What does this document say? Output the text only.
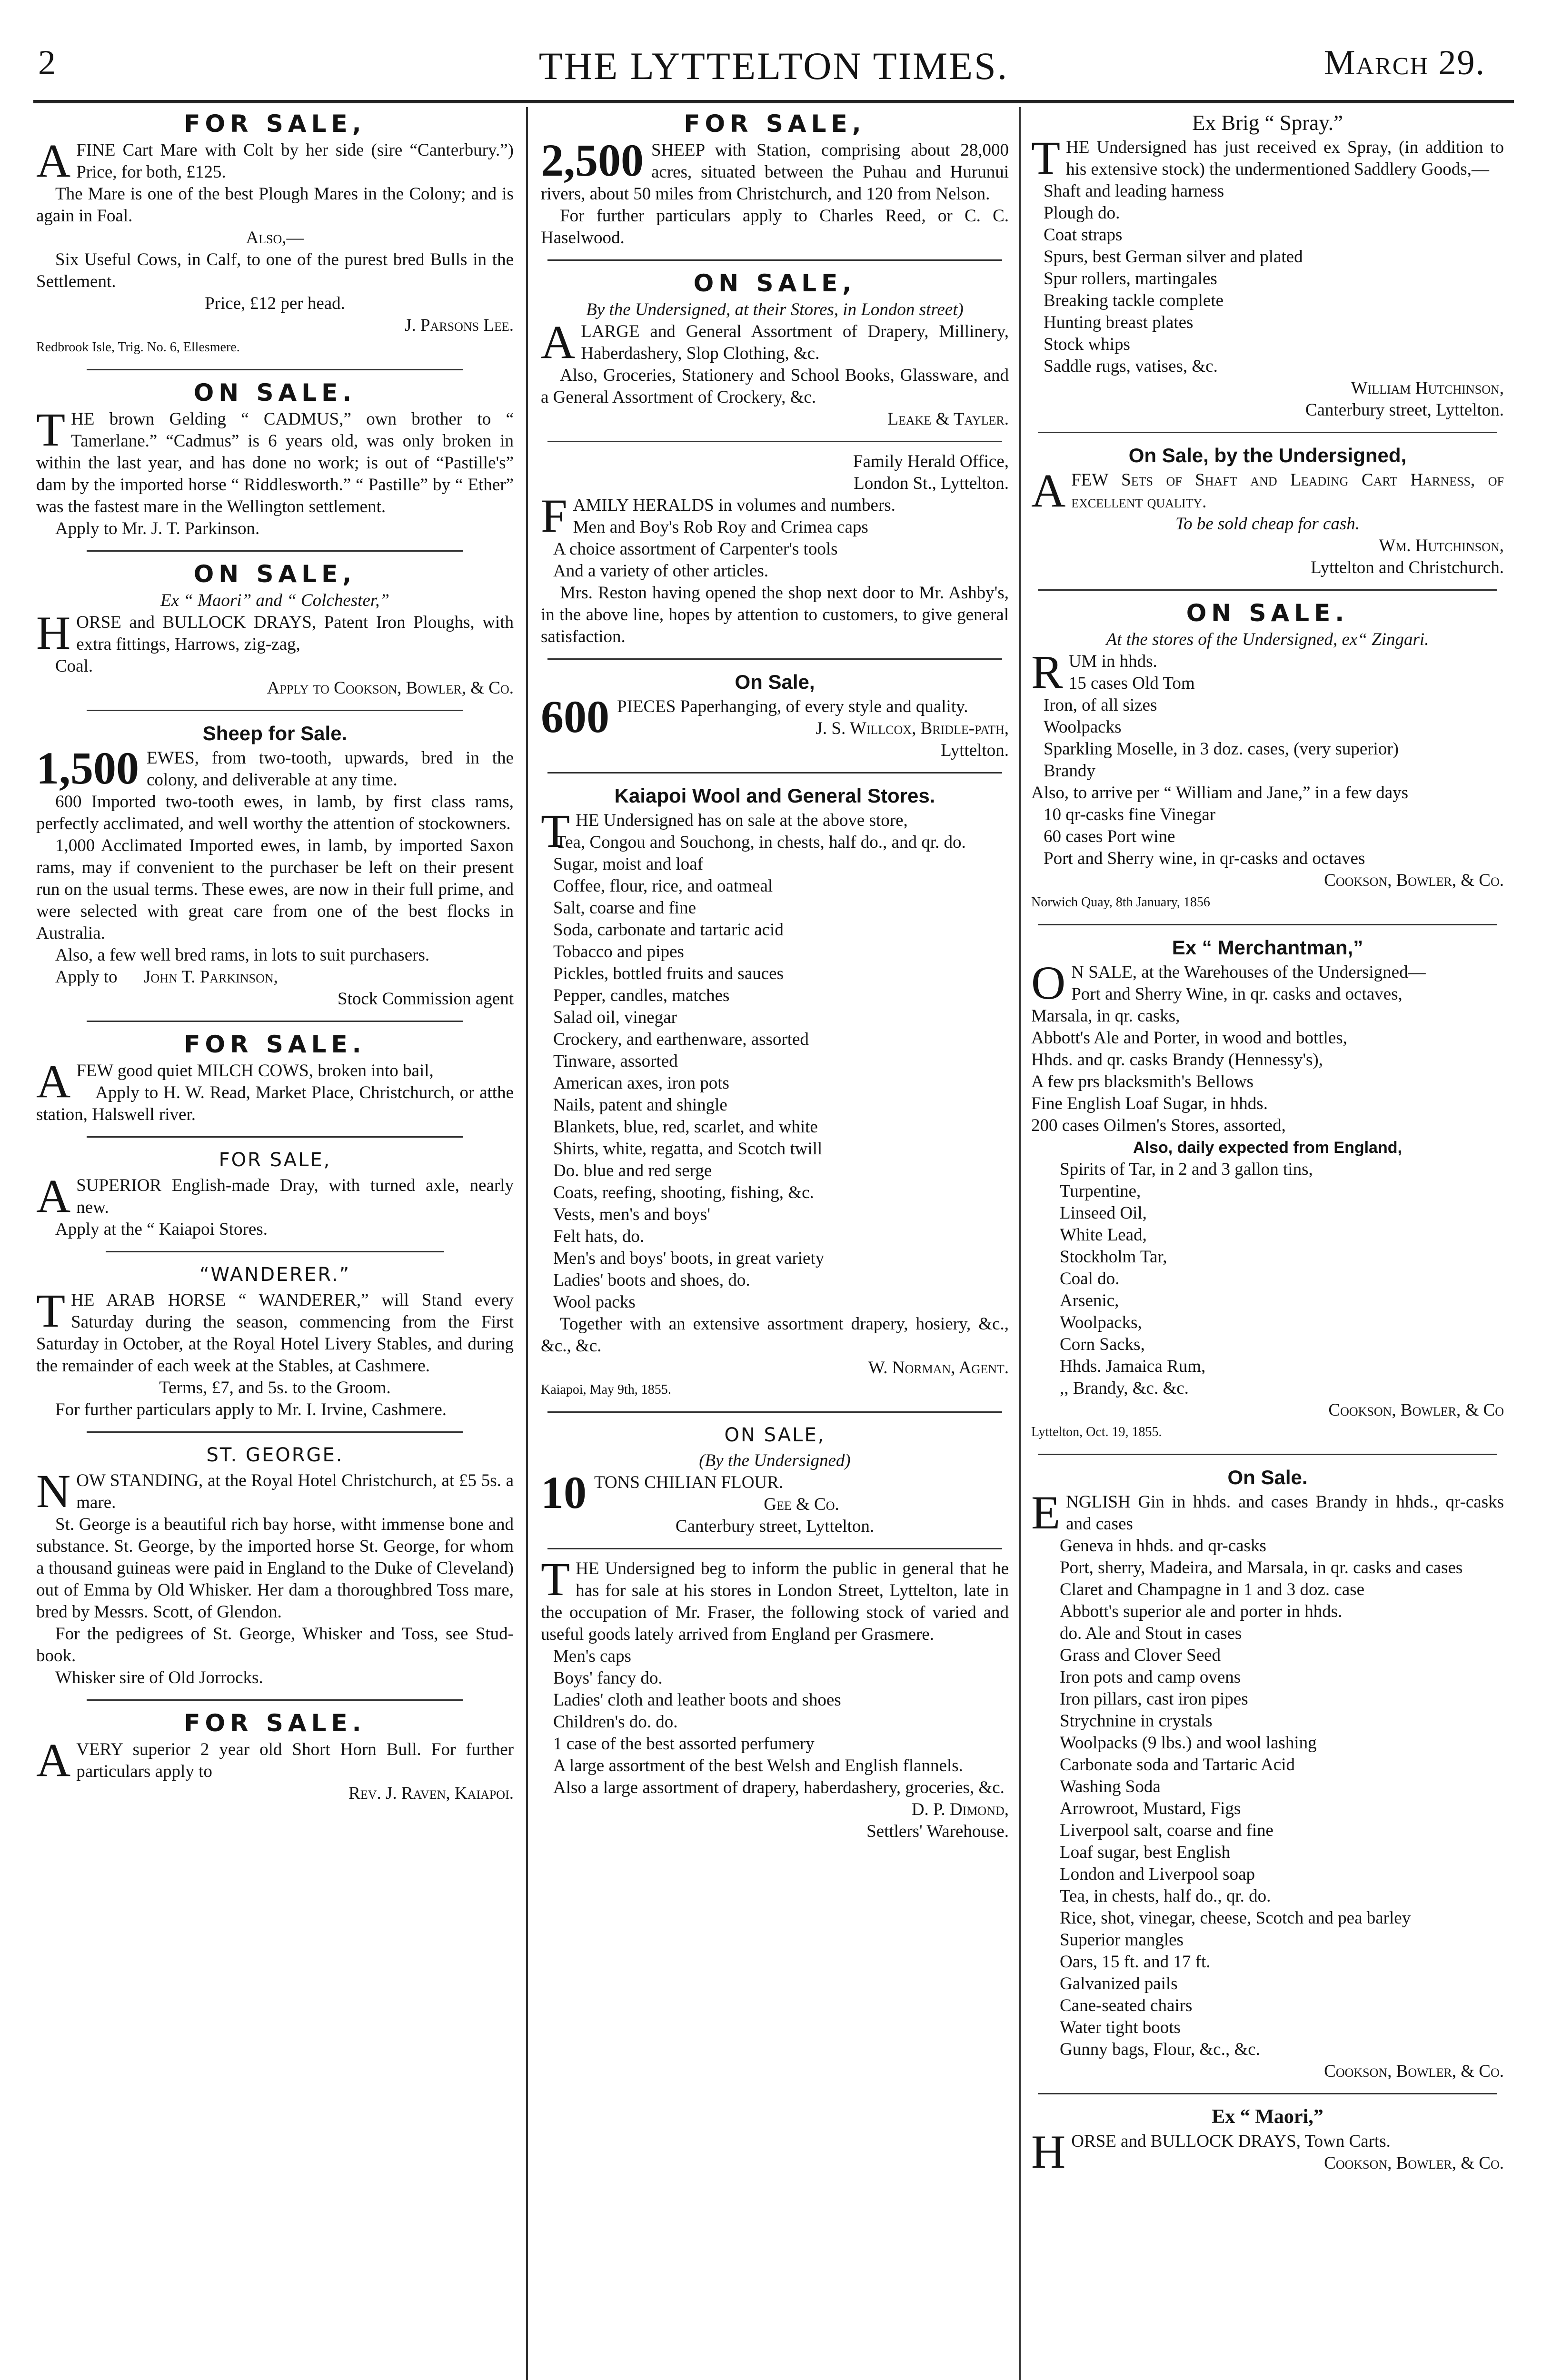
2	THE LYTTELTON TIMES.	March 29.
FOR SALE,

AFINE Cart Mare with Colt by her side (sire “Canterbury.”) Price, for both, £125.

The Mare is one of the best Plough Mares in the Colony; and is again in Foal.

Also,—

Six Useful Cows, in Calf, to one of the purest bred Bulls in the Settlement.

Price, £12 per head.

J. Parsons Lee.

Redbrook Isle, Trig. No. 6, Ellesmere.

ON SALE.

THE brown Gelding “ CADMUS,” own brother to “ Tamerlane.” “Cadmus” is 6 years old, was only broken in within the last year, and has done no work; is out of “Pastille's” dam by the imported horse “ Riddlesworth.” “ Pastille” by “ Ether” was the fastest mare in the Wellington settlement.

Apply to Mr. J. T. Parkinson.

ON SALE,

Ex “ Maori” and “ Colchester,”

HORSE and BULLOCK DRAYS, Patent Iron Ploughs, with extra fittings, Harrows, zig-zag,

Coal.

Apply to Cookson, Bowler, & Co.

Sheep for Sale.

1,500 EWES, from two-tooth, upwards, bred in the colony, and deliverable at any time.

600 Imported two-tooth ewes, in lamb, by first class rams, perfectly acclimated, and well worthy the attention of stockowners.

1,000 Acclimated Imported ewes, in lamb, by imported Saxon rams, may if convenient to the purchaser be left on their present run on the usual terms. These ewes, are now in their full prime, and were selected with great care from one of the best flocks in Australia.

Also, a few well bred rams, in lots to suit purchasers.

Apply to John T. Parkinson,

Stock Commission agent

FOR SALE.

AFEW good quiet MILCH COWS, broken into bail,

Apply to H. W. Read, Market Place, Christchurch, or atthe station, Halswell river.

FOR SALE,

ASUPERIOR English-made Dray, with turned axle, nearly new.

Apply at the “ Kaiapoi Stores.

“WANDERER.”

THE ARAB HORSE “ WANDERER,” will Stand every Saturday during the season, commencing from the First Saturday in October, at the Royal Hotel Livery Stables, and during the remainder of each week at the Stables, at Cashmere.

Terms, £7, and 5s. to the Groom.

For further particulars apply to Mr. I. Irvine, Cashmere.

ST. GEORGE.

NOW STANDING, at the Royal Hotel Christchurch, at £5 5s. a mare.

St. George is a beautiful rich bay horse, witht immense bone and substance. St. George, by the imported horse St. George, for whom a thousand guineas were paid in England to the Duke of Cleveland) out of Emma by Old Whisker. Her dam a thoroughbred Toss mare, bred by Messrs. Scott, of Glendon.

For the pedigrees of St. George, Whisker and Toss, see Stud-book.

Whisker sire of Old Jorrocks.

FOR SALE.

AVERY superior 2 year old Short Horn Bull. For further particulars apply to

Rev. J. Raven, Kaiapoi.

FOR SALE,

2,500 SHEEP with Station, comprising about 28,000 acres, situated between the Puhau and Hurunui rivers, about 50 miles from Christchurch, and 120 from Nelson.

For further particulars apply to Charles Reed, or C. C. Haselwood.

ON SALE,

By the Undersigned, at their Stores, in London street)

ALARGE and General Assortment of Drapery, Millinery, Haberdashery, Slop Clothing, &c.

Also, Groceries, Stationery and School Books, Glassware, and a General Assortment of Crockery, &c.

Leake & Tayler.

Family Herald Office,

London St., Lyttelton.

FAMILY HERALDS in volumes and numbers.

Men and Boy's Rob Roy and Crimea caps
A choice assortment of Carpenter's tools
And a variety of other articles.

Mrs. Reston having opened the shop next door to Mr. Ashby's, in the above line, hopes by attention to customers, to give general satisfaction.

On Sale,

600 PIECES Paperhanging, of every style and quality.

J. S. Willcox, Bridle-path,

Lyttelton.

Kaiapoi Wool and General Stores.

THE Undersigned has on sale at the above store,

Tea, Congou and Souchong, in chests, half do., and qr. do.
Sugar, moist and loaf
Coffee, flour, rice, and oatmeal
Salt, coarse and fine
Soda, carbonate and tartaric acid
Tobacco and pipes
Pickles, bottled fruits and sauces
Pepper, candles, matches
Salad oil, vinegar
Crockery, and earthenware, assorted
Tinware, assorted
American axes, iron pots
Nails, patent and shingle
Blankets, blue, red, scarlet, and white
Shirts, white, regatta, and Scotch twill
Do. blue and red serge
Coats, reefing, shooting, fishing, &c.
Vests, men's and boys'
Felt hats, do.
Men's and boys' boots, in great variety
Ladies' boots and shoes, do.
Wool packs

Together with an extensive assortment drapery, hosiery, &c., &c., &c.

W. Norman, Agent.

Kaiapoi, May 9th, 1855.

ON SALE,

(By the Undersigned)

10 TONS CHILIAN FLOUR.

Gee & Co.

Canterbury street, Lyttelton.

THE Undersigned beg to inform the public in general that he has for sale at his stores in London Street, Lyttelton, late in the occupation of Mr. Fraser, the following stock of varied and useful goods lately arrived from England per Grasmere.

Men's caps
Boys' fancy do.
Ladies' cloth and leather boots and shoes
Children's do. do.
1 case of the best assorted perfumery
A large assortment of the best Welsh and English flannels.
Also a large assortment of drapery, haberdashery, groceries, &c.

D. P. Dimond,

Settlers' Warehouse.

Ex Brig “ Spray.”

THE Undersigned has just received ex Spray, (in addition to his extensive stock) the undermentioned Saddlery Goods,—

Shaft and leading harness
Plough do.
Coat straps
Spurs, best German silver and plated
Spur rollers, martingales
Breaking tackle complete
Hunting breast plates
Stock whips
Saddle rugs, vatises, &c.

William Hutchinson,

Canterbury street, Lyttelton.

On Sale, by the Undersigned,

AFEW Sets of Shaft and Leading Cart Harness, of excellent quality.

To be sold cheap for cash.

Wm. Hutchinson,

Lyttelton and Christchurch.

ON SALE.

At the stores of the Undersigned, ex“ Zingari.

RUM in hhds.

15 cases Old Tom
Iron, of all sizes
Woolpacks
Sparkling Moselle, in 3 doz. cases, (very superior)
Brandy

Also, to arrive per “ William and Jane,” in a few days

10 qr-casks fine Vinegar
60 cases Port wine
Port and Sherry wine, in qr-casks and octaves

Cookson, Bowler, & Co.

Norwich Quay, 8th January, 1856

Ex “ Merchantman,”

O N SALE, at the Warehouses of the Undersigned—

Port and Sherry Wine, in qr. casks and octaves,
Marsala, in qr. casks,
Abbott's Ale and Porter, in wood and bottles,
Hhds. and qr. casks Brandy (Hennessy's),
A few prs blacksmith's Bellows
Fine English Loaf Sugar, in hhds.
200 cases Oilmen's Stores, assorted,

Also, daily expected from England,

Spirits of Tar, in 2 and 3 gallon tins,
Turpentine,
Linseed Oil,
White Lead,
Stockholm Tar,
Coal do.
Arsenic,
Woolpacks,
Corn Sacks,
Hhds. Jamaica Rum,
,, Brandy, &c. &c.

Cookson, Bowler, & Co

Lyttelton, Oct. 19, 1855.

On Sale.

ENGLISH Gin in hhds. and cases Brandy in hhds., qr-casks and cases

Geneva in hhds. and qr-casks
Port, sherry, Madeira, and Marsala, in qr. casks and cases
Claret and Champagne in 1 and 3 doz. case
Abbott's superior ale and porter in hhds.
do. Ale and Stout in cases
Grass and Clover Seed
Iron pots and camp ovens
Iron pillars, cast iron pipes
Strychnine in crystals
Woolpacks (9 lbs.) and wool lashing
Carbonate soda and Tartaric Acid
Washing Soda
Arrowroot, Mustard, Figs
Liverpool salt, coarse and fine
Loaf sugar, best English
London and Liverpool soap
Tea, in chests, half do., qr. do.
Rice, shot, vinegar, cheese, Scotch and pea barley
Superior mangles
Oars, 15 ft. and 17 ft.
Galvanized pails
Cane-seated chairs
Water tight boots
Gunny bags, Flour, &c., &c.

Cookson, Bowler, & Co.

Ex “ Maori,”

HORSE and BULLOCK DRAYS, Town Carts.

Cookson, Bowler, & Co.
